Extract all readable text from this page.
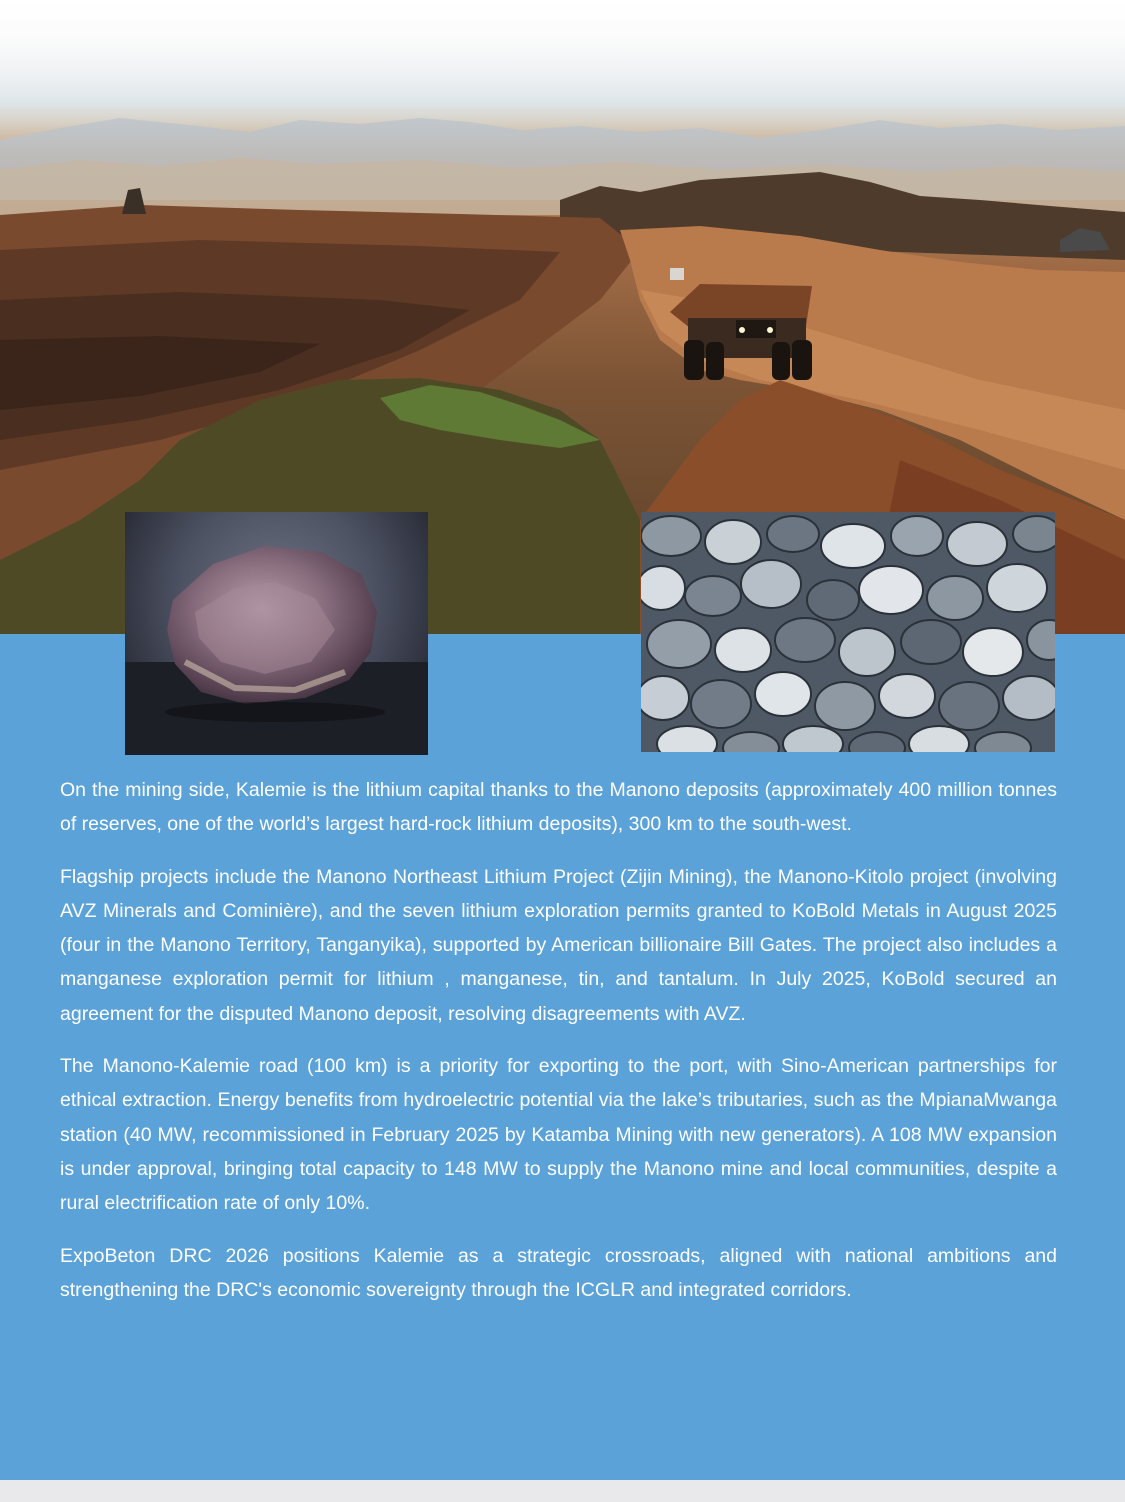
On the mining side, Kalemie is the lithium capital thanks to the Manono deposits (approximately 400 million tonnes of reserves, one of the world’s largest hard-rock lithium deposits), 300 km to the south-west.

Flagship projects include the Manono Northeast Lithium Project (Zijin Mining), the Manono-Kitolo project (involving AVZ Minerals and Cominière), and the seven lithium exploration permits granted to KoBold Metals in August 2025 (four in the Manono Territory, Tanganyika), supported by American billionaire Bill Gates. The project also includes a manganese exploration permit for lithium , manganese, tin, and tantalum. In July 2025, KoBold secured an agreement for the disputed Manono deposit, resolving disagreements with AVZ.

The Manono-Kalemie road (100 km) is a priority for exporting to the port, with Sino-American partnerships for ethical extraction. Energy benefits from hydroelectric potential via the lake’s tributaries, such as the MpianaMwanga station (40 MW, recommissioned in February 2025 by Katamba Mining with new generators). A 108 MW expansion is under approval, bringing total capacity to 148 MW to supply the Manono mine and local communities, despite a rural electrification rate of only 10%.

ExpoBeton DRC 2026 positions Kalemie as a strategic crossroads, aligned with national ambitions and strengthening the DRC's economic sovereignty through the ICGLR and integrated corridors.
